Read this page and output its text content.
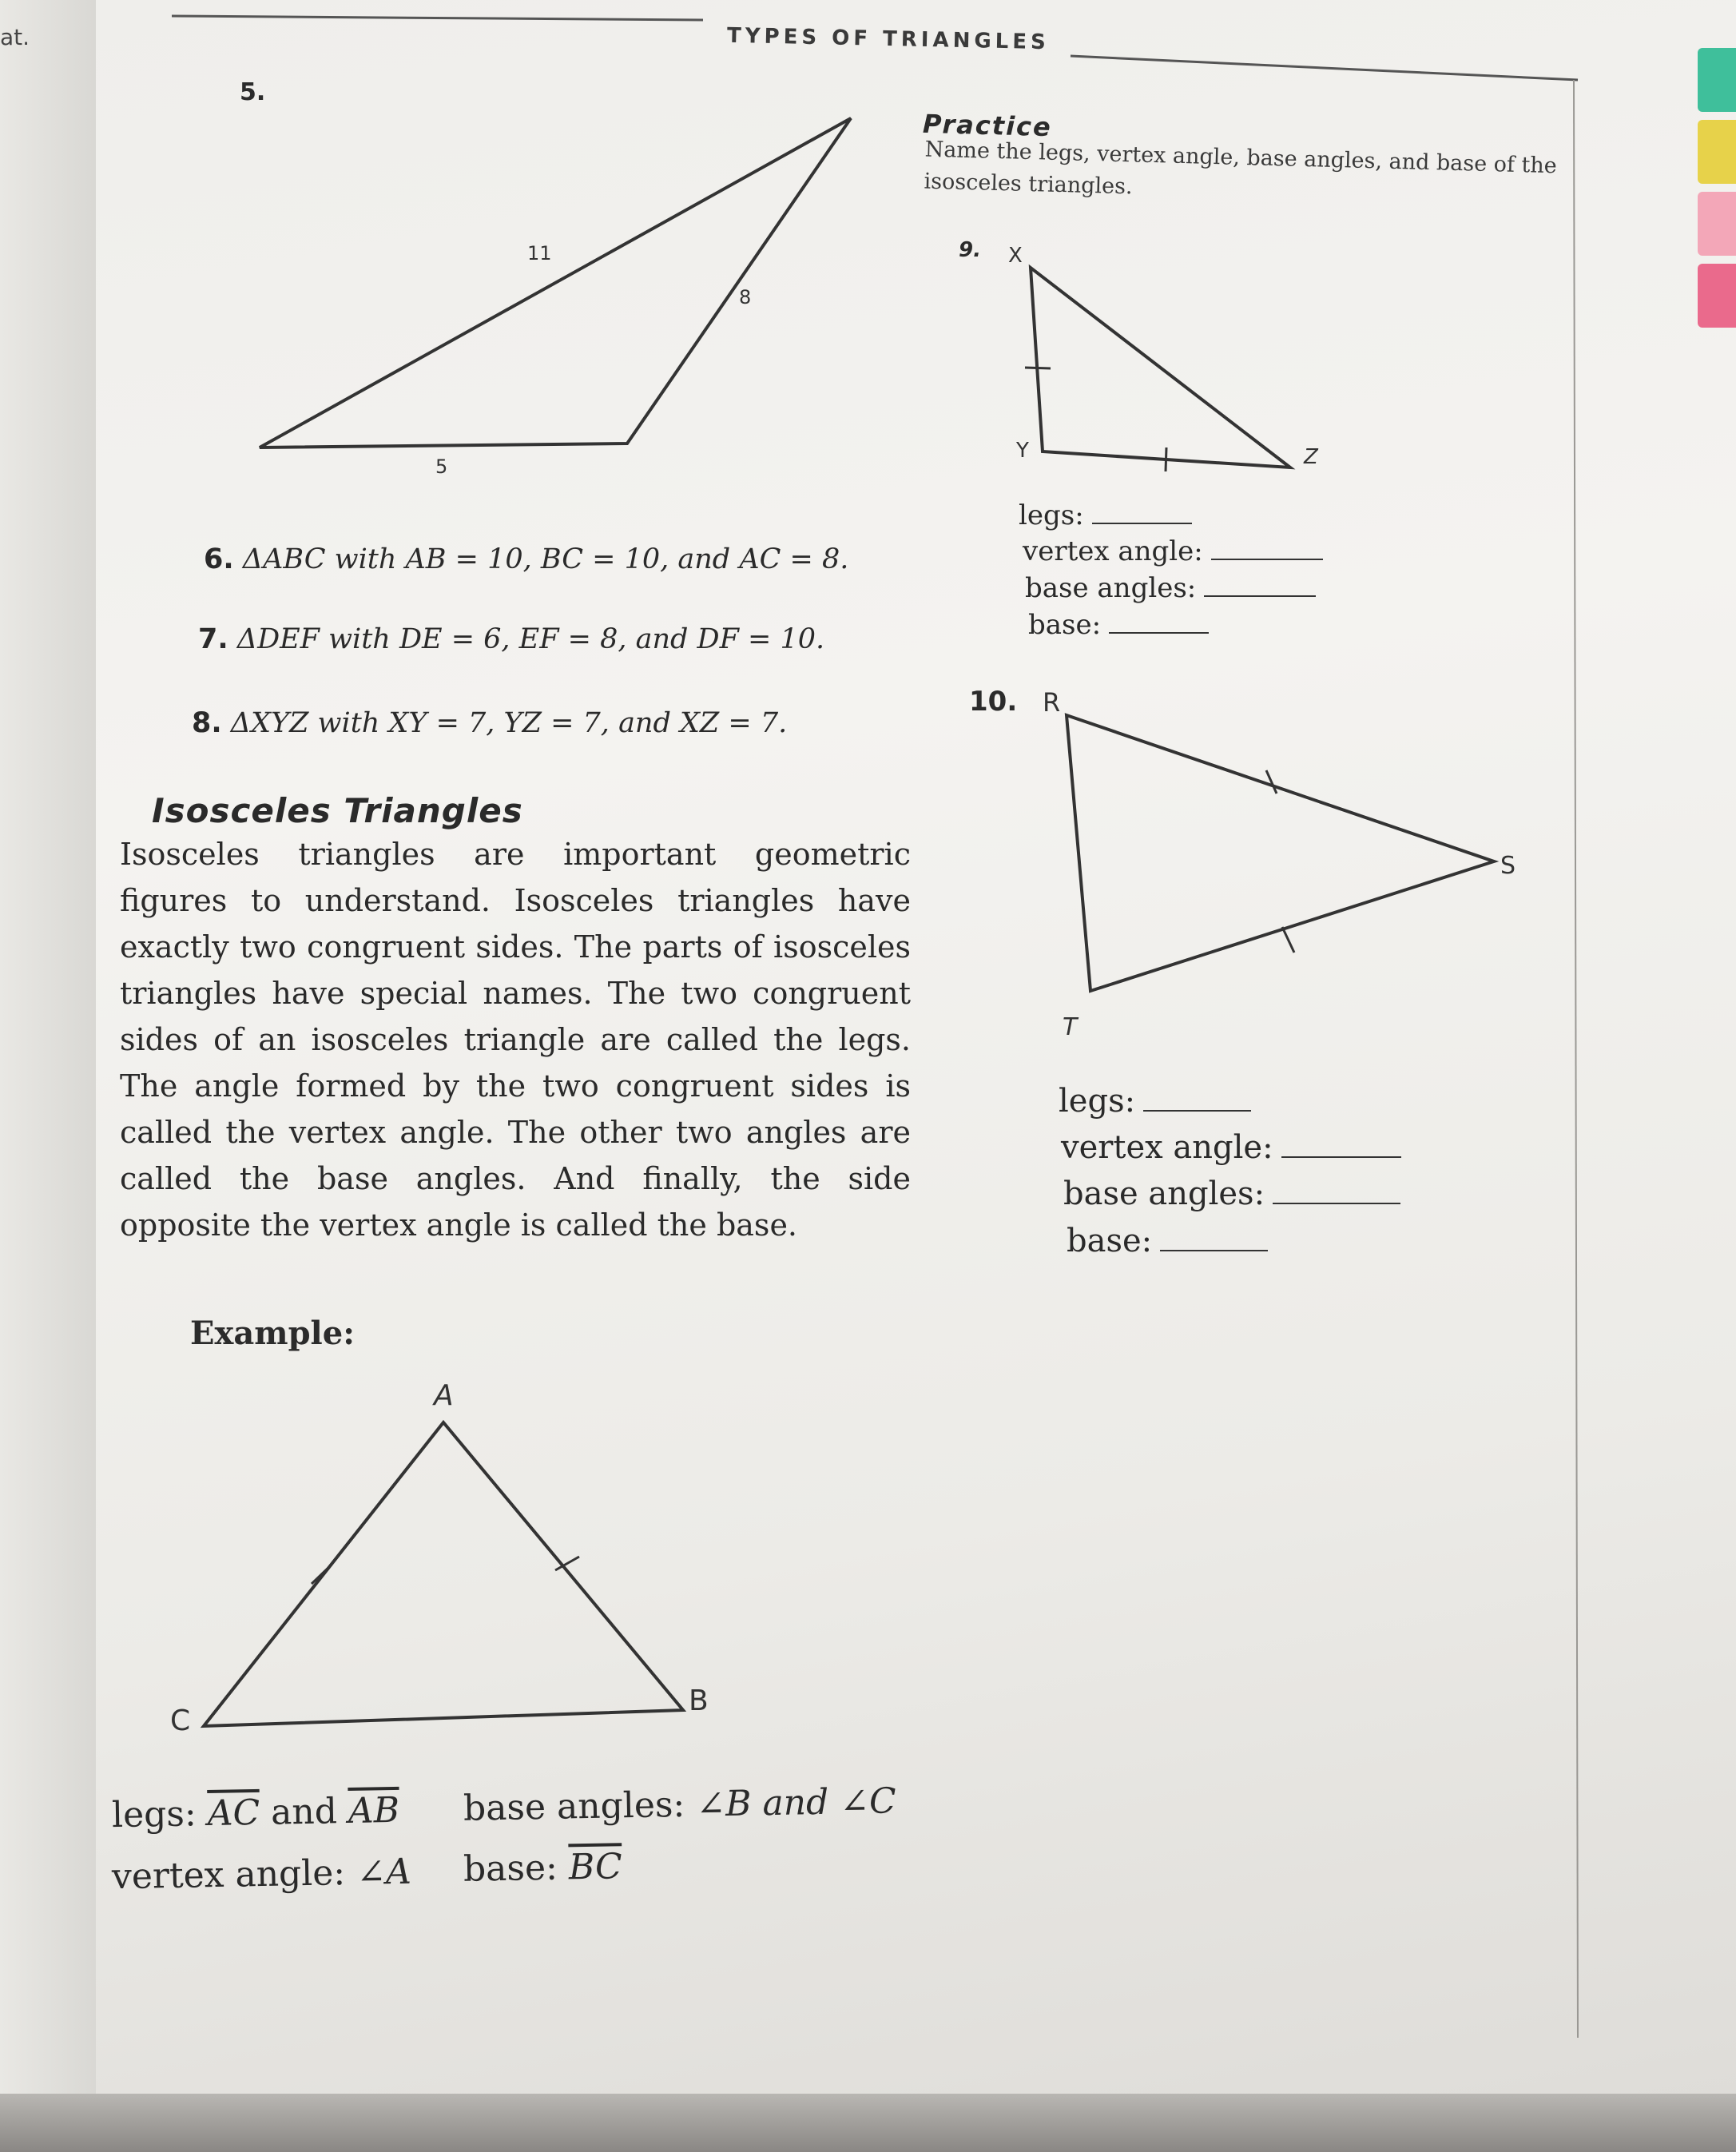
at.	TYPES OF TRIANGLES
5.
11
8
5
6. ΔABC with AB = 10, BC = 10, and AC = 8.
7. ΔDEF with DE = 6, EF = 8, and DF = 10.
8. ΔXYZ with XY = 7, YZ = 7, and XZ = 7.
Isosceles Triangles

Isosceles triangles are important geometric figures to understand. Isosceles triangles have exactly two congruent sides. The parts of isosceles triangles have special names. The two congruent sides of an isosceles triangle are called the legs. The angle formed by the two congruent sides is called the vertex angle. The other two angles are called the base angles. And finally, the side opposite the vertex angle is called the base.

Example:
A
B
C
legs: $\overline{AC}$ and $\overline{AB}$
vertex angle: ∠A
base angles: ∠B and ∠C
base: $\overline{BC}$
Practice
Name the legs, vertex angle, base angles, and base of the isosceles triangles.
9. X
Y	Z
legs:
vertex angle:
base angles:
base:
10. R
S
T
legs:
vertex angle:
base angles:
base:
